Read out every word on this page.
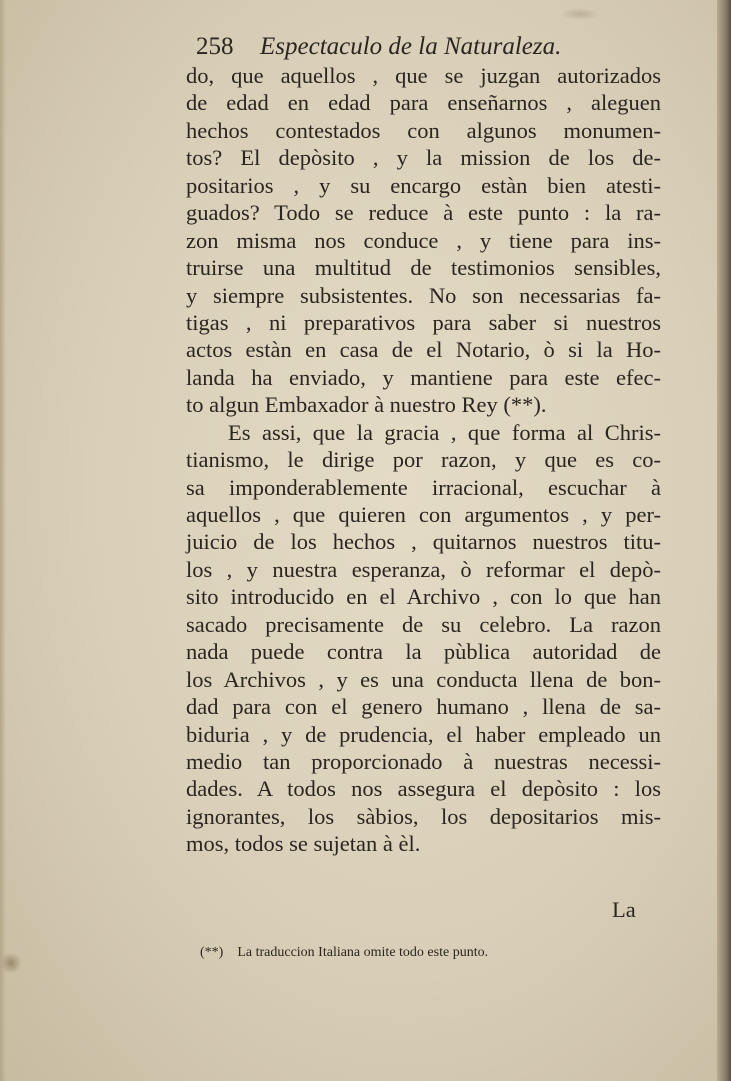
258 Espectaculo de la Naturaleza.
do, que aquellos , que se juzgan autorizados
de edad en edad para enseñarnos , aleguen
hechos contestados con algunos monumen-
tos? El depòsito , y la mission de los de-
positarios , y su encargo estàn bien atesti-
guados? Todo se reduce à este punto : la ra-
zon misma nos conduce , y tiene para ins-
truirse una multitud de testimonios sensibles,
y siempre subsistentes. No son necessarias fa-
tigas , ni preparativos para saber si nuestros
actos estàn en casa de el Notario, ò si la Ho-
landa ha enviado, y mantiene para este efec-
to algun Embaxador à nuestro Rey (**).
Es assi, que la gracia , que forma al Chris-
tianismo, le dirige por razon, y que es co-
sa imponderablemente irracional, escuchar à
aquellos , que quieren con argumentos , y per-
juicio de los hechos , quitarnos nuestros titu-
los , y nuestra esperanza, ò reformar el depò-
sito introducido en el Archivo , con lo que han
sacado precisamente de su celebro. La razon
nada puede contra la pùblica autoridad de
los Archivos , y es una conducta llena de bon-
dad para con el genero humano , llena de sa-
biduria , y de prudencia, el haber empleado un
medio tan proporcionado à nuestras necessi-
dades. A todos nos assegura el depòsito : los
ignorantes, los sàbios, los depositarios mis-
mos, todos se sujetan à èl.
La
(**) La traduccion Italiana omite todo este punto.
